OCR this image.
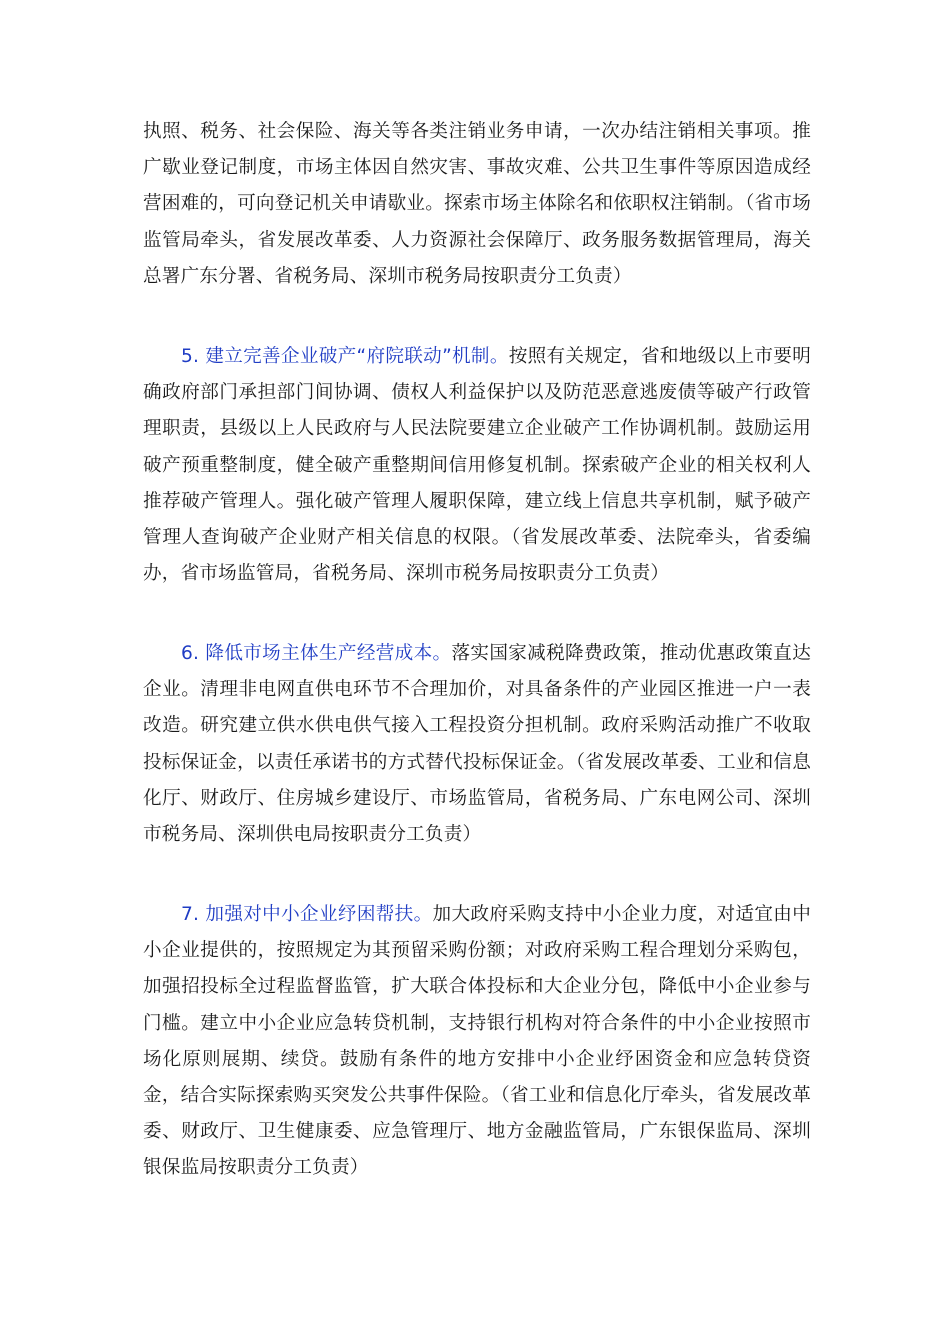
执照、税务、社会保险、海关等各类注销业务申请，一次办结注销相关事项。推广歇业登记制度，市场主体因自然灾害、事故灾难、公共卫生事件等原因造成经营困难的，可向登记机关申请歇业。探索市场主体除名和依职权注销制。（省市场监管局牵头，省发展改革委、人力资源社会保障厅、政务服务数据管理局，海关总署广东分署、省税务局、深圳市税务局按职责分工负责）

5. 建立完善企业破产“府院联动”机制。按照有关规定，省和地级以上市要明确政府部门承担部门间协调、债权人利益保护以及防范恶意逃废债等破产行政管理职责，县级以上人民政府与人民法院要建立企业破产工作协调机制。鼓励运用破产预重整制度，健全破产重整期间信用修复机制。探索破产企业的相关权利人推荐破产管理人。强化破产管理人履职保障，建立线上信息共享机制，赋予破产管理人查询破产企业财产相关信息的权限。（省发展改革委、法院牵头，省委编办，省市场监管局，省税务局、深圳市税务局按职责分工负责）

6. 降低市场主体生产经营成本。落实国家减税降费政策，推动优惠政策直达企业。清理非电网直供电环节不合理加价，对具备条件的产业园区推进一户一表改造。研究建立供水供电供气接入工程投资分担机制。政府采购活动推广不收取投标保证金，以责任承诺书的方式替代投标保证金。（省发展改革委、工业和信息化厅、财政厅、住房城乡建设厅、市场监管局，省税务局、广东电网公司、深圳市税务局、深圳供电局按职责分工负责）

7. 加强对中小企业纾困帮扶。加大政府采购支持中小企业力度，对适宜由中小企业提供的，按照规定为其预留采购份额；对政府采购工程合理划分采购包，加强招投标全过程监督监管，扩大联合体投标和大企业分包，降低中小企业参与门槛。建立中小企业应急转贷机制，支持银行机构对符合条件的中小企业按照市场化原则展期、续贷。鼓励有条件的地方安排中小企业纾困资金和应急转贷资金，结合实际探索购买突发公共事件保险。（省工业和信息化厅牵头，省发展改革委、财政厅、卫生健康委、应急管理厅、地方金融监管局，广东银保监局、深圳银保监局按职责分工负责）
